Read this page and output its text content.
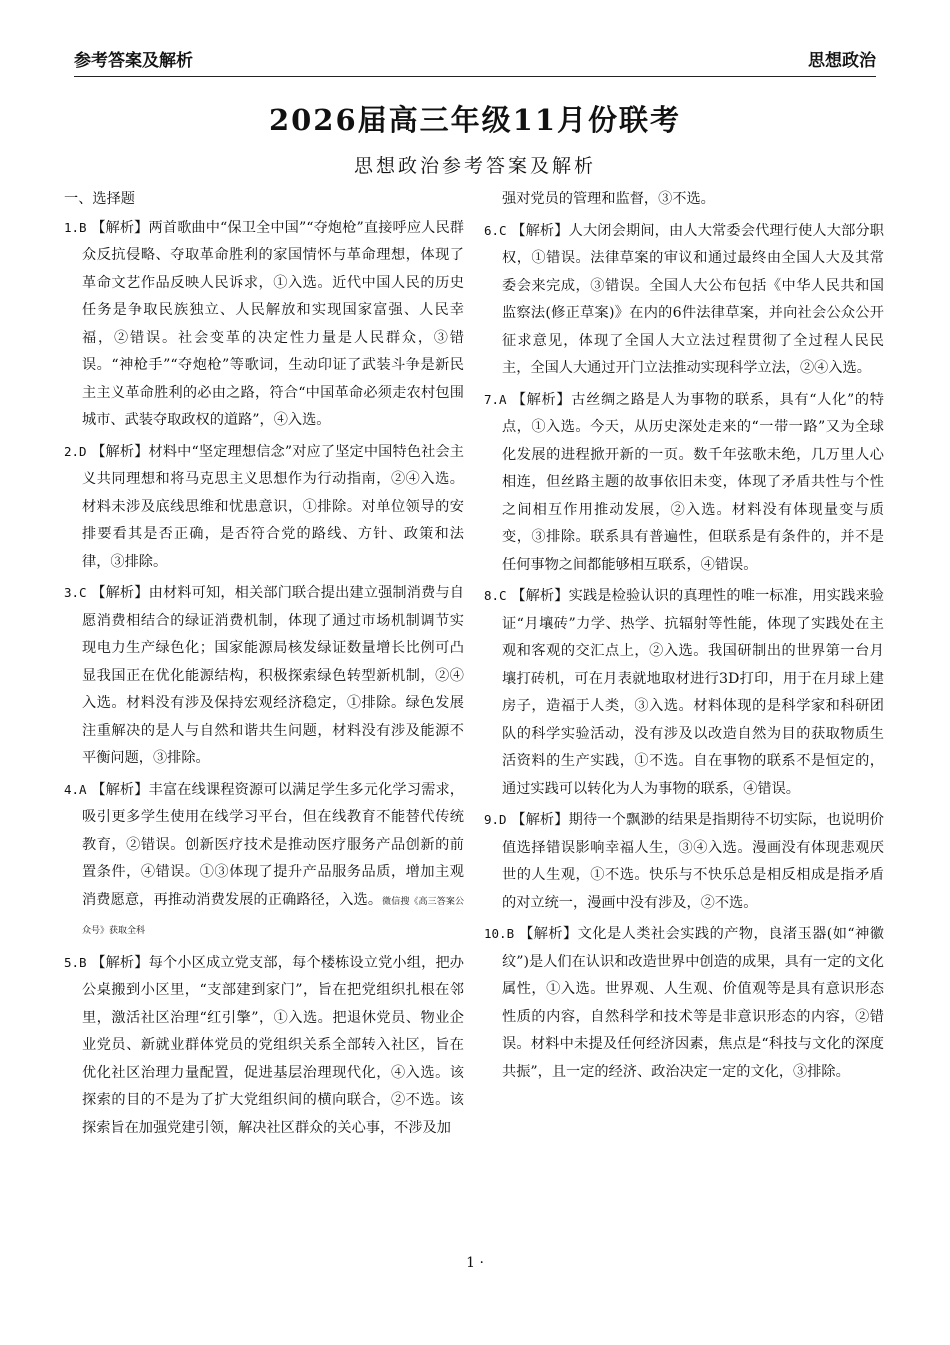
参考答案及解析	思想政治
2026届高三年级11月份联考
思想政治参考答案及解析

一、选择题

1.B 【解析】两首歌曲中“保卫全中国”“夺炮枪”直接呼应人民群众反抗侵略、夺取革命胜利的家国情怀与革命理想，体现了革命文艺作品反映人民诉求，①入选。近代中国人民的历史任务是争取民族独立、人民解放和实现国家富强、人民幸福，②错误。社会变革的决定性力量是人民群众，③错误。“神枪手”“夺炮枪”等歌词，生动印证了武装斗争是新民主主义革命胜利的必由之路，符合“中国革命必须走农村包围城市、武装夺取政权的道路”，④入选。

2.D 【解析】材料中“坚定理想信念”对应了坚定中国特色社会主义共同理想和将马克思主义思想作为行动指南，②④入选。材料未涉及底线思维和忧患意识，①排除。对单位领导的安排要看其是否正确，是否符合党的路线、方针、政策和法律，③排除。

3.C 【解析】由材料可知，相关部门联合提出建立强制消费与自愿消费相结合的绿证消费机制，体现了通过市场机制调节实现电力生产绿色化；国家能源局核发绿证数量增长比例可凸显我国正在优化能源结构，积极探索绿色转型新机制，②④入选。材料没有涉及保持宏观经济稳定，①排除。绿色发展注重解决的是人与自然和谐共生问题，材料没有涉及能源不平衡问题，③排除。

4.A 【解析】丰富在线课程资源可以满足学生多元化学习需求，吸引更多学生使用在线学习平台，但在线教育不能替代传统教育，②错误。创新医疗技术是推动医疗服务产品创新的前置条件，④错误。①③体现了提升产品服务品质，增加主观消费愿意，再推动消费发展的正确路径，入选。微信搜《高三答案公众号》获取全科

5.B 【解析】每个小区成立党支部，每个楼栋设立党小组，把办公桌搬到小区里，“支部建到家门”，旨在把党组织扎根在邻里，激活社区治理“红引擎”，①入选。把退休党员、物业企业党员、新就业群体党员的党组织关系全部转入社区，旨在优化社区治理力量配置，促进基层治理现代化，④入选。该探索的目的不是为了扩大党组织间的横向联合，②不选。该探索旨在加强党建引领，解决社区群众的关心事，不涉及加

强对党员的管理和监督，③不选。

6.C 【解析】人大闭会期间，由人大常委会代理行使人大部分职权，①错误。法律草案的审议和通过最终由全国人大及其常委会来完成，③错误。全国人大公布包括《中华人民共和国监察法(修正草案)》在内的6件法律草案，并向社会公众公开征求意见，体现了全国人大立法过程贯彻了全过程人民民主，全国人大通过开门立法推动实现科学立法，②④入选。

7.A 【解析】古丝绸之路是人为事物的联系，具有“人化”的特点，①入选。今天，从历史深处走来的“一带一路”又为全球化发展的进程掀开新的一页。数千年弦歌未绝，几万里人心相连，但丝路主题的故事依旧未变，体现了矛盾共性与个性之间相互作用推动发展，②入选。材料没有体现量变与质变，③排除。联系具有普遍性，但联系是有条件的，并不是任何事物之间都能够相互联系，④错误。

8.C 【解析】实践是检验认识的真理性的唯一标准，用实践来验证“月壤砖”力学、热学、抗辐射等性能，体现了实践处在主观和客观的交汇点上，②入选。我国研制出的世界第一台月壤打砖机，可在月表就地取材进行3D打印，用于在月球上建房子，造福于人类，③入选。材料体现的是科学家和科研团队的科学实验活动，没有涉及以改造自然为目的获取物质生活资料的生产实践，①不选。自在事物的联系不是恒定的，通过实践可以转化为人为事物的联系，④错误。

9.D 【解析】期待一个飘渺的结果是指期待不切实际，也说明价值选择错误影响幸福人生，③④入选。漫画没有体现悲观厌世的人生观，①不选。快乐与不快乐总是相反相成是指矛盾的对立统一，漫画中没有涉及，②不选。

10.B 【解析】文化是人类社会实践的产物，良渚玉器(如“神徽纹”)是人们在认识和改造世界中创造的成果，具有一定的文化属性，①入选。世界观、人生观、价值观等是具有意识形态性质的内容，自然科学和技术等是非意识形态的内容，②错误。材料中未提及任何经济因素，焦点是“科技与文化的深度共振”，且一定的经济、政治决定一定的文化，③排除。

1 ·
